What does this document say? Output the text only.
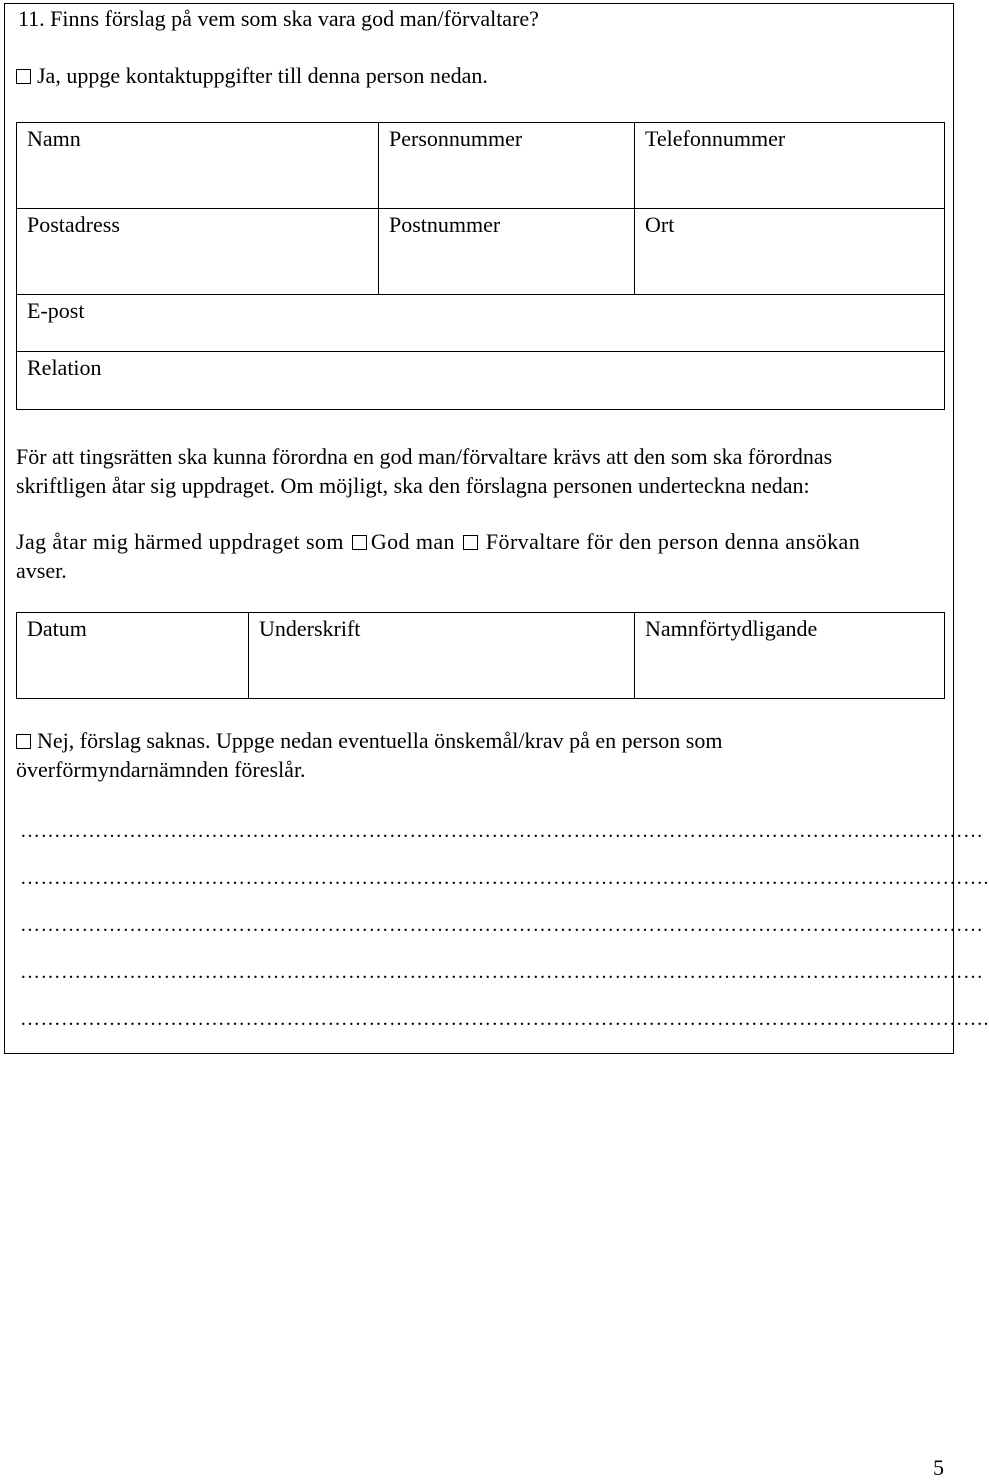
11. Finns förslag på vem som ska vara god man/förvaltare?
Ja, uppge kontaktuppgifter till denna person nedan.
Namn	Personnummer	Telefonnummer
Postadress	Postnummer	Ort
E-post		
Relation		
För att tingsrätten ska kunna förordna en god man/förvaltare krävs att den som ska förordnas
skriftligen åtar sig uppdraget. Om möjligt, ska den förslagna personen underteckna nedan:
Jag åtar mig härmed uppdraget som God man Förvaltare för den person denna ansökan
avser.
Datum	Underskrift	Namnförtydligande
Nej, förslag saknas. Uppge nedan eventuella önskemål/krav på en person som
överförmyndarnämnden föreslår.
……………………………………………………………………………………………………………………………
…………………………………………………………………………………………………………………………….
……………………………………………………………………………………………………………………………
……………………………………………………………………………………………………………………………
…………………………………………………………………………………………………………………………….
5
